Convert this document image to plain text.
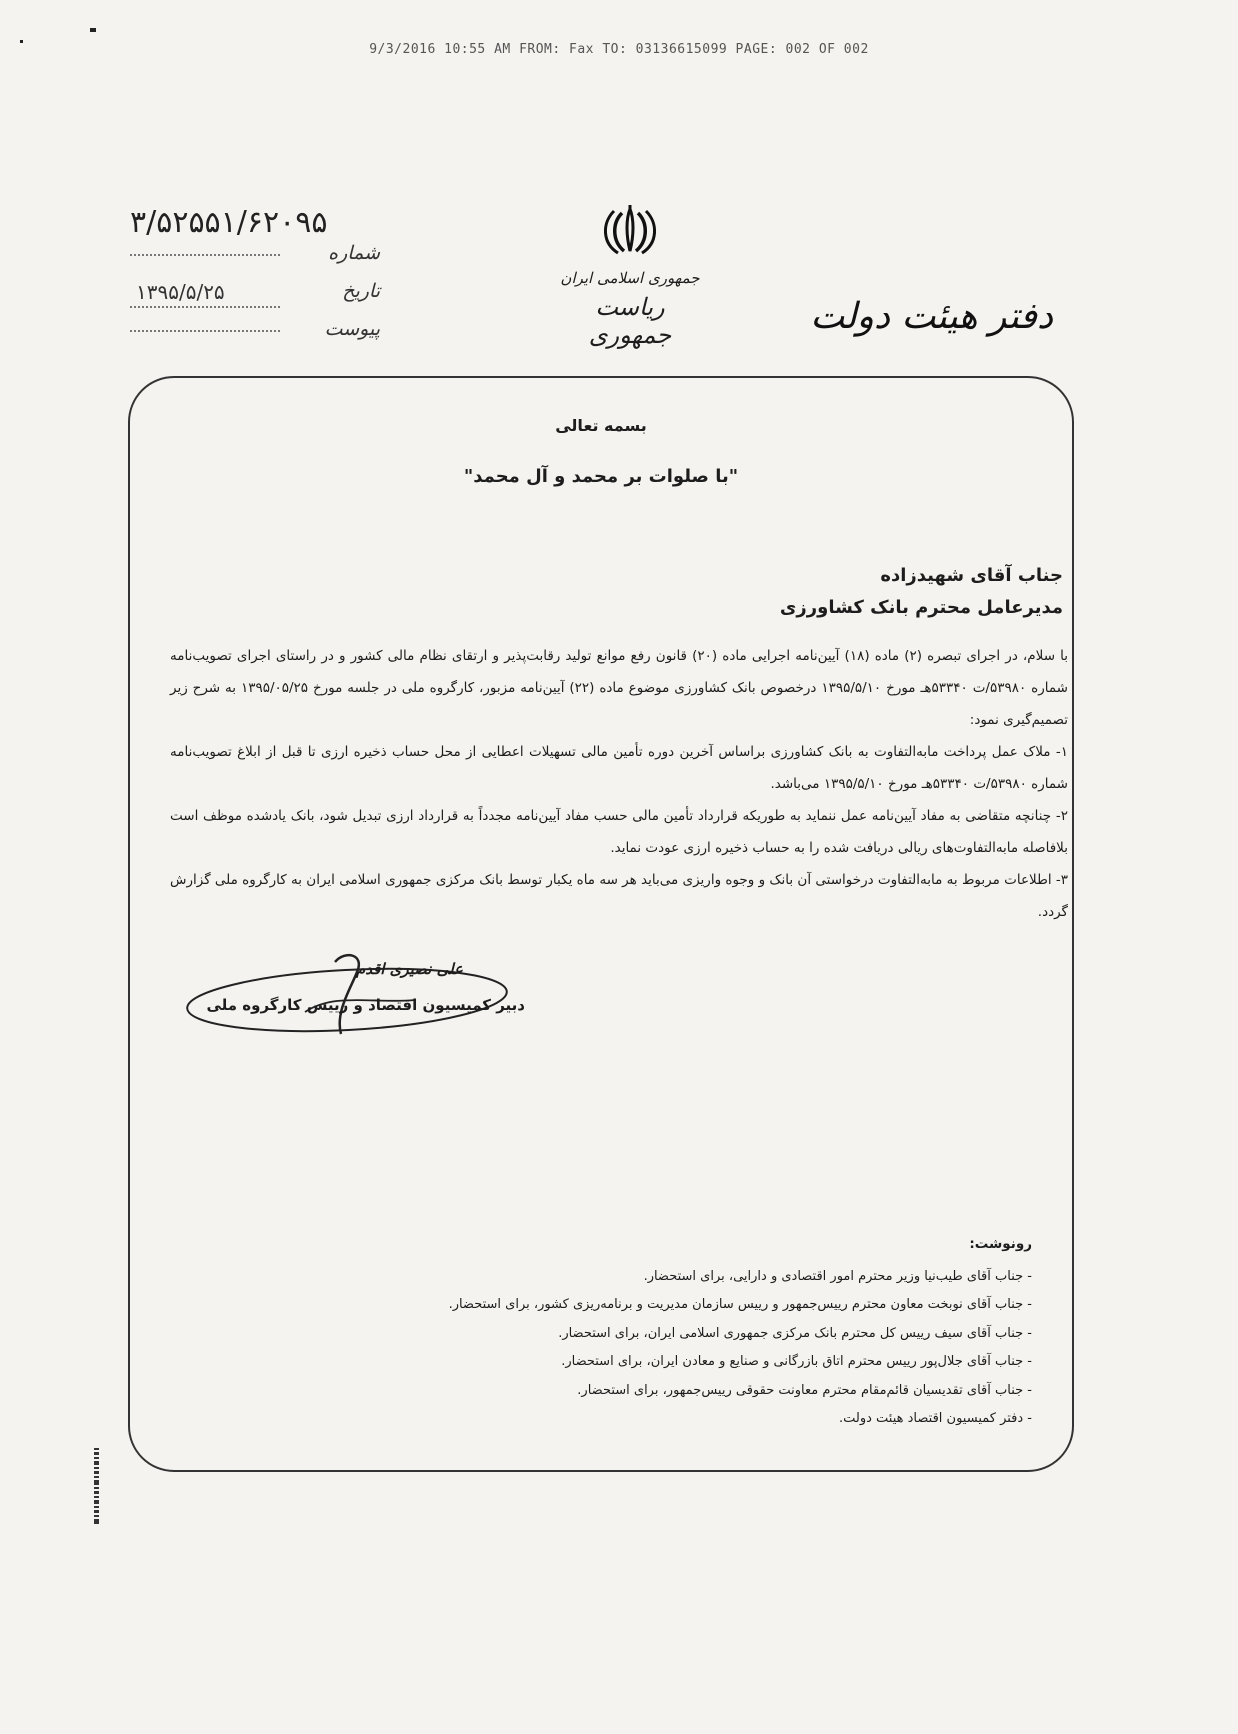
9/3/2016 10:55 AM FROM: Fax TO: 03136615099 PAGE: 002 OF 002
۳/۵۲۵۵۱/۶۲۰۹۵
شماره
۱۳۹۵/۵/۲۵	تاریخ
پیوست
جمهوری اسلامی ایران
ریاست جمهوری	دفتر هیئت دولت
بسمه تعالی
"با صلوات بر محمد و آل محمد"
جناب آقای شهیدزاده
مدیرعامل محترم بانک کشاورزی

با سلام، در اجرای تبصره (۲) ماده (۱۸) آیین‌نامه اجرایی ماده (۲۰) قانون رفع موانع تولید رقابت‌پذیر و ارتقای نظام مالی کشور و در راستای اجرای تصویب‌نامه شماره ۵۳۹۸۰/ت ۵۳۳۴۰هـ مورخ ۱۳۹۵/۵/۱۰ درخصوص بانک کشاورزی موضوع ماده (۲۲) آیین‌نامه مزبور، کارگروه ملی در جلسه مورخ ۱۳۹۵/۰۵/۲۵ به شرح زیر تصمیم‌گیری نمود:

۱- ملاک عمل پرداخت مابه‌التفاوت به بانک کشاورزی براساس آخرین دوره تأمین مالی تسهیلات اعطایی از محل حساب ذخیره ارزی تا قبل از ابلاغ تصویب‌نامه شماره ۵۳۹۸۰/ت ۵۳۳۴۰هـ مورخ ۱۳۹۵/۵/۱۰ می‌باشد.

۲- چنانچه متقاضی به مفاد آیین‌نامه عمل ننماید به طوریکه قرارداد تأمین مالی حسب مفاد آیین‌نامه مجدداً به قرارداد ارزی تبدیل شود، بانک یادشده موظف است بلافاصله مابه‌التفاوت‌های ریالی دریافت شده را به حساب ذخیره ارزی عودت نماید.

۳- اطلاعات مربوط به مابه‌التفاوت درخواستی آن بانک و وجوه واریزی می‌باید هر سه ماه یکبار توسط بانک مرکزی جمهوری اسلامی ایران به کارگروه ملی گزارش گردد.

علی نصیری اقدم
دبیر کمیسیون اقتصاد و رییس کارگروه ملی
رونوشت:
- جناب آقای طیب‌نیا وزیر محترم امور اقتصادی و دارایی، برای استحضار.
- جناب آقای نوبخت معاون محترم رییس‌جمهور و رییس سازمان مدیریت و برنامه‌ریزی کشور، برای استحضار.
- جناب آقای سیف رییس کل محترم بانک مرکزی جمهوری اسلامی ایران، برای استحضار.
- جناب آقای جلال‌پور رییس محترم اتاق بازرگانی و صنایع و معادن ایران، برای استحضار.
- جناب آقای تقدیسیان قائم‌مقام محترم معاونت حقوقی رییس‌جمهور، برای استحضار.
- دفتر کمیسیون اقتصاد هیئت دولت.
